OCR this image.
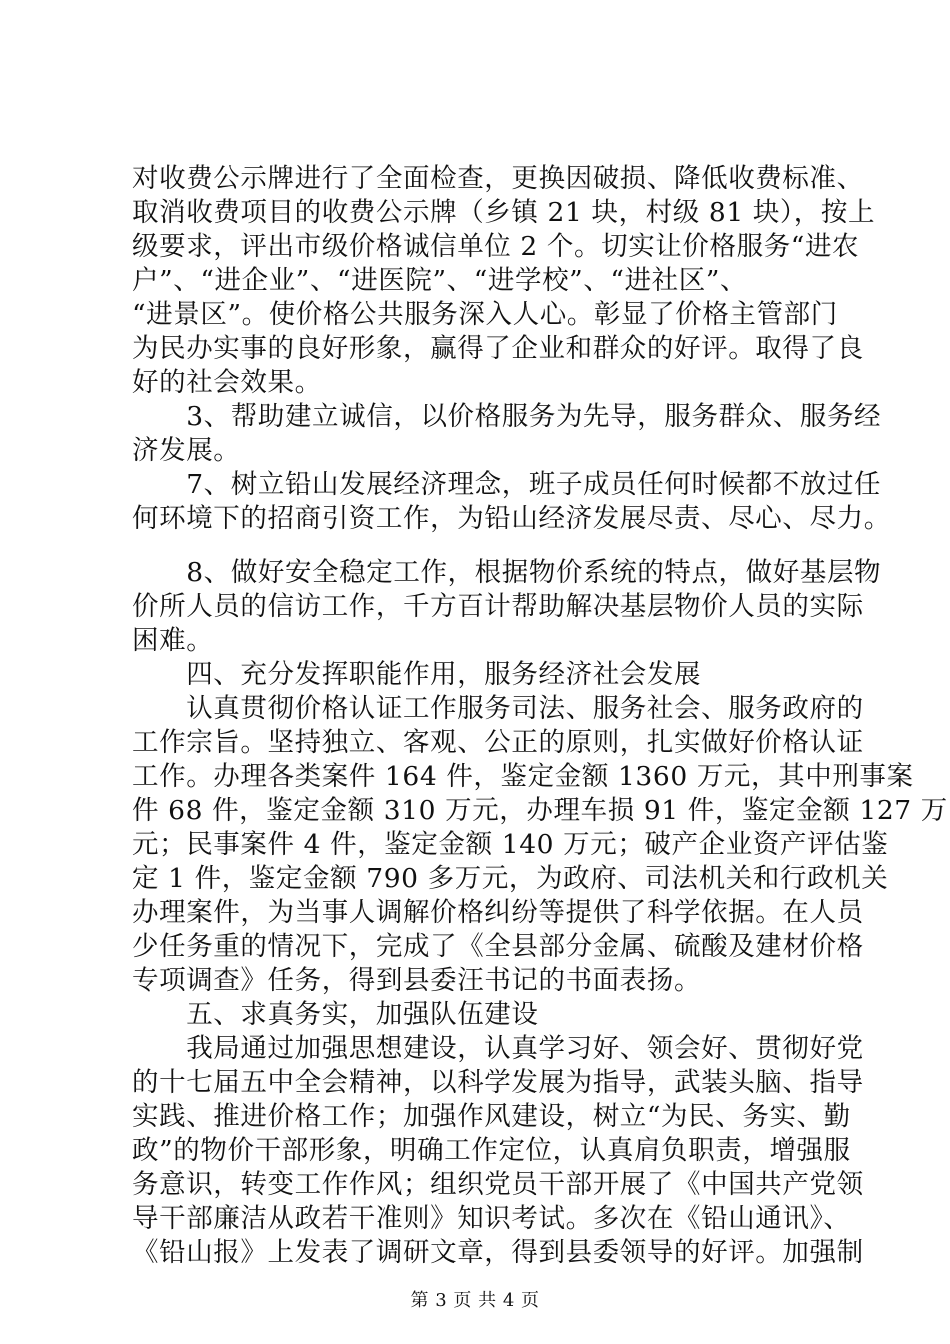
对收费公示牌进行了全面检查，更换因破损、降低收费标准、
取消收费项目的收费公示牌（乡镇 21 块，村级 81 块），按上
级要求，评出市级价格诚信单位 2 个。切实让价格服务“进农
户”、“进企业”、“进医院”、“进学校”、“进社区”、
“进景区”。使价格公共服务深入人心。彰显了价格主管部门
为民办实事的良好形象，赢得了企业和群众的好评。取得了良
好的社会效果。
　　3、帮助建立诚信，以价格服务为先导，服务群众、服务经
济发展。
　　7、树立铅山发展经济理念，班子成员任何时候都不放过任
何环境下的招商引资工作，为铅山经济发展尽责、尽心、尽力。
　　8、做好安全稳定工作，根据物价系统的特点，做好基层物
价所人员的信访工作，千方百计帮助解决基层物价人员的实际
困难。
　　四、充分发挥职能作用，服务经济社会发展
　　认真贯彻价格认证工作服务司法、服务社会、服务政府的
工作宗旨。坚持独立、客观、公正的原则，扎实做好价格认证
工作。办理各类案件 164 件，鉴定金额 1360 万元，其中刑事案
件 68 件，鉴定金额 310 万元，办理车损 91 件，鉴定金额 127 万
元；民事案件 4 件，鉴定金额 140 万元；破产企业资产评估鉴
定 1 件，鉴定金额 790 多万元，为政府、司法机关和行政机关
办理案件，为当事人调解价格纠纷等提供了科学依据。在人员
少任务重的情况下，完成了《全县部分金属、硫酸及建材价格
专项调查》任务，得到县委汪书记的书面表扬。
　　五、求真务实，加强队伍建设
　　我局通过加强思想建设，认真学习好、领会好、贯彻好党
的十七届五中全会精神，以科学发展为指导，武装头脑、指导
实践、推进价格工作；加强作风建设，树立“为民、务实、勤
政”的物价干部形象，明确工作定位，认真肩负职责，增强服
务意识，转变工作作风；组织党员干部开展了《中国共产党领
导干部廉洁从政若干准则》知识考试。多次在《铅山通讯》、
《铅山报》上发表了调研文章，得到县委领导的好评。加强制
第 3 页 共 4 页
